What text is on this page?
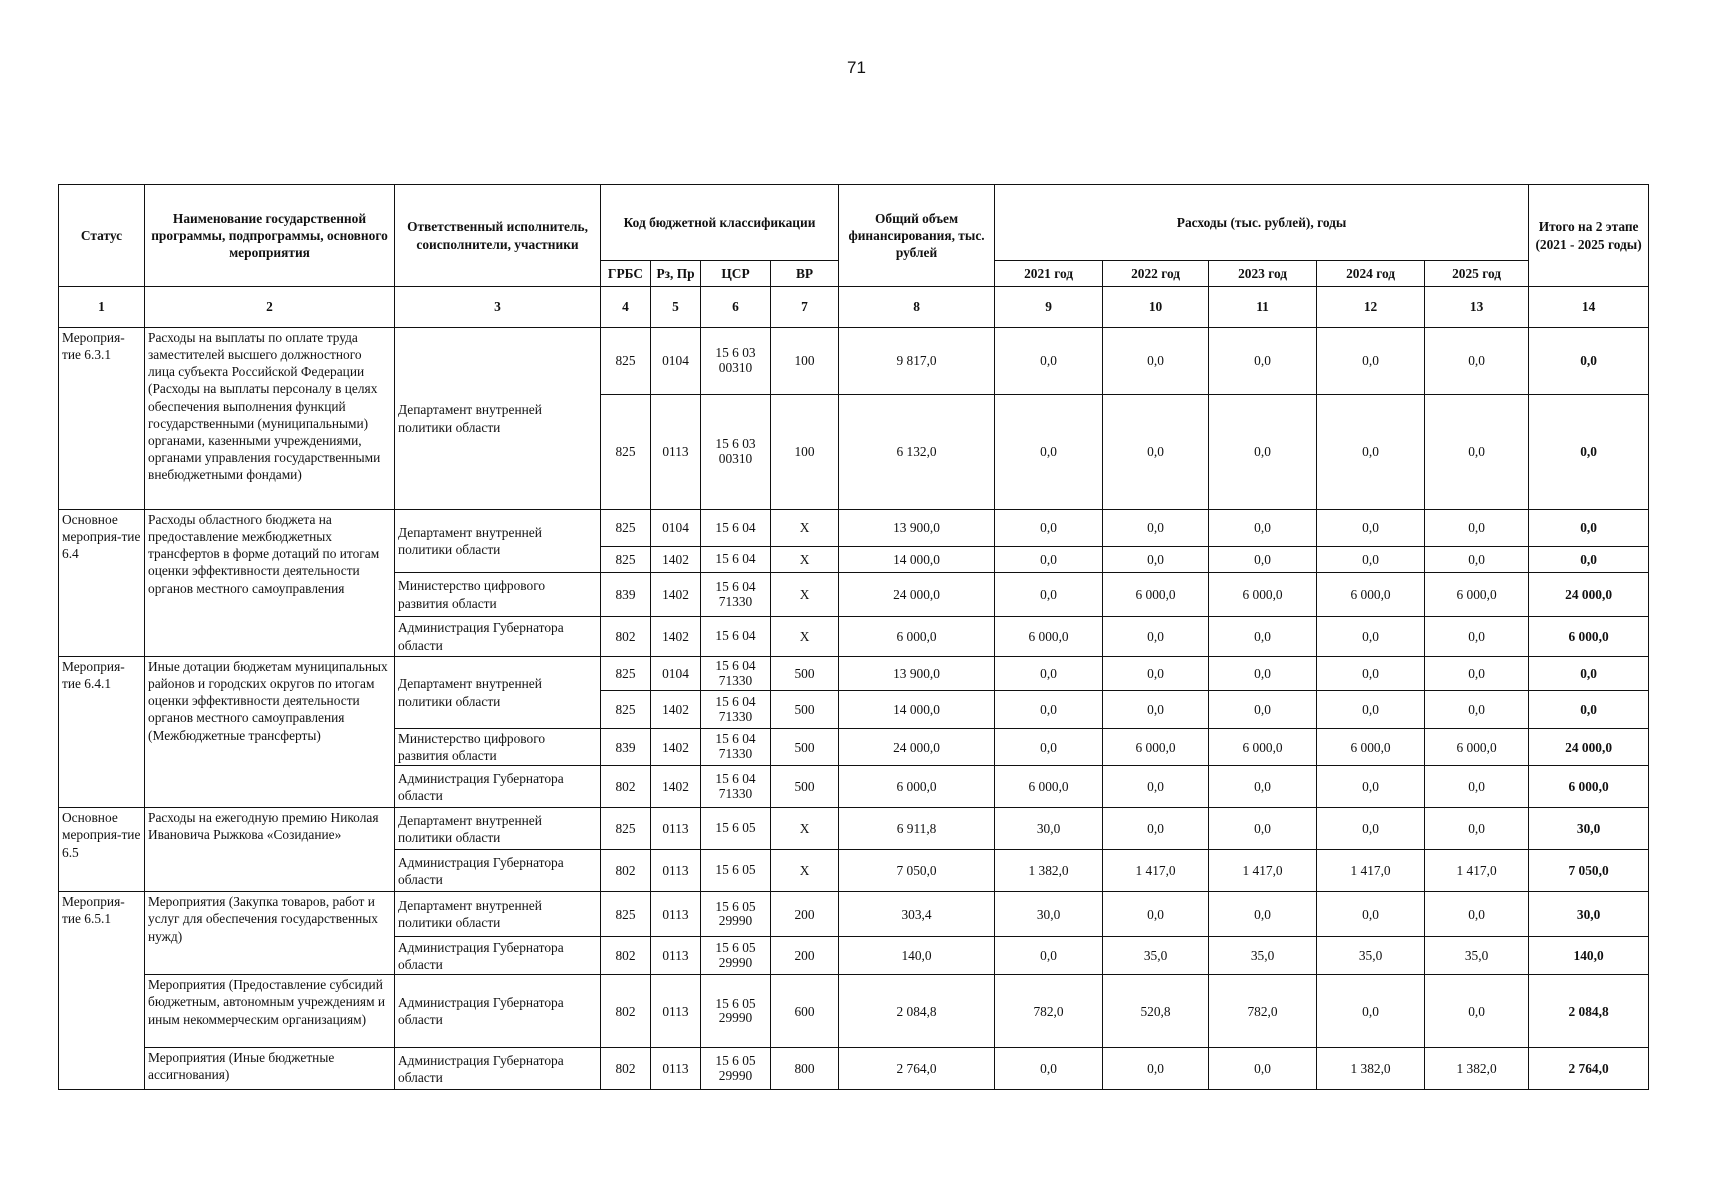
71
Статус	Наименование государственной программы, подпрограммы, основного мероприятия	Ответственный исполнитель, соисполнители, участники	Код бюджетной классификации				Общий объем финансирования, тыс. рублей	Расходы (тыс. рублей), годы					Итого на 2 этапе (2021 - 2025 годы)
			ГРБС	Рз, Пр	ЦСР	ВР		2021 год	2022 год	2023 год	2024 год	2025 год	
1	2	3	4	5	6	7	8	9	10	11	12	13	14
Мероприя-тие 6.3.1	Расходы на выплаты по оплате труда заместителей высшего должностного лица субъекта Российской Федерации (Расходы на выплаты персоналу в целях обеспечения выполнения функций государственными (муниципальными) органами, казенными учреждениями, органами управления государственными внебюджетными фондами)	Департамент внутренней политики области	825	0104	15 6 03 00310	100	9 817,0	0,0	0,0	0,0	0,0	0,0	0,0
			825	0113	15 6 03 00310	100	6 132,0	0,0	0,0	0,0	0,0	0,0	0,0
Основное мероприя-тие 6.4	Расходы областного бюджета на предоставление межбюджетных трансфертов в форме дотаций по итогам оценки эффективности деятельности органов местного самоуправления	Департамент внутренней политики области	825	0104	15 6 04	Х	13 900,0	0,0	0,0	0,0	0,0	0,0	0,0
			825	1402	15 6 04	Х	14 000,0	0,0	0,0	0,0	0,0	0,0	0,0
		Министерство цифрового развития области	839	1402	15 6 04 71330	Х	24 000,0	0,0	6 000,0	6 000,0	6 000,0	6 000,0	24 000,0
		Администрация Губернатора области	802	1402	15 6 04	Х	6 000,0	6 000,0	0,0	0,0	0,0	0,0	6 000,0
Мероприя-тие 6.4.1	Иные дотации бюджетам муниципальных районов и городских округов по итогам оценки эффективности деятельности органов местного самоуправления (Межбюджетные трансферты)	Департамент внутренней политики области	825	0104	15 6 04 71330	500	13 900,0	0,0	0,0	0,0	0,0	0,0	0,0
			825	1402	15 6 04 71330	500	14 000,0	0,0	0,0	0,0	0,0	0,0	0,0
		Министерство цифрового развития области	839	1402	15 6 04 71330	500	24 000,0	0,0	6 000,0	6 000,0	6 000,0	6 000,0	24 000,0
		Администрация Губернатора области	802	1402	15 6 04 71330	500	6 000,0	6 000,0	0,0	0,0	0,0	0,0	6 000,0
Основное мероприя-тие 6.5	Расходы на ежегодную премию Николая Ивановича Рыжкова «Созидание»	Департамент внутренней политики области	825	0113	15 6 05	Х	6 911,8	30,0	0,0	0,0	0,0	0,0	30,0
		Администрация Губернатора области	802	0113	15 6 05	Х	7 050,0	1 382,0	1 417,0	1 417,0	1 417,0	1 417,0	7 050,0
Мероприя-тие 6.5.1	Мероприятия (Закупка товаров, работ и услуг для обеспечения государственных нужд)	Департамент внутренней политики области	825	0113	15 6 05 29990	200	303,4	30,0	0,0	0,0	0,0	0,0	30,0
		Администрация Губернатора области	802	0113	15 6 05 29990	200	140,0	0,0	35,0	35,0	35,0	35,0	140,0
	Мероприятия (Предоставление субсидий бюджетным, автономным учреждениям и иным некоммерческим организациям)	Администрация Губернатора области	802	0113	15 6 05 29990	600	2 084,8	782,0	520,8	782,0	0,0	0,0	2 084,8
	Мероприятия (Иные бюджетные ассигнования)	Администрация Губернатора области	802	0113	15 6 05 29990	800	2 764,0	0,0	0,0	0,0	1 382,0	1 382,0	2 764,0
